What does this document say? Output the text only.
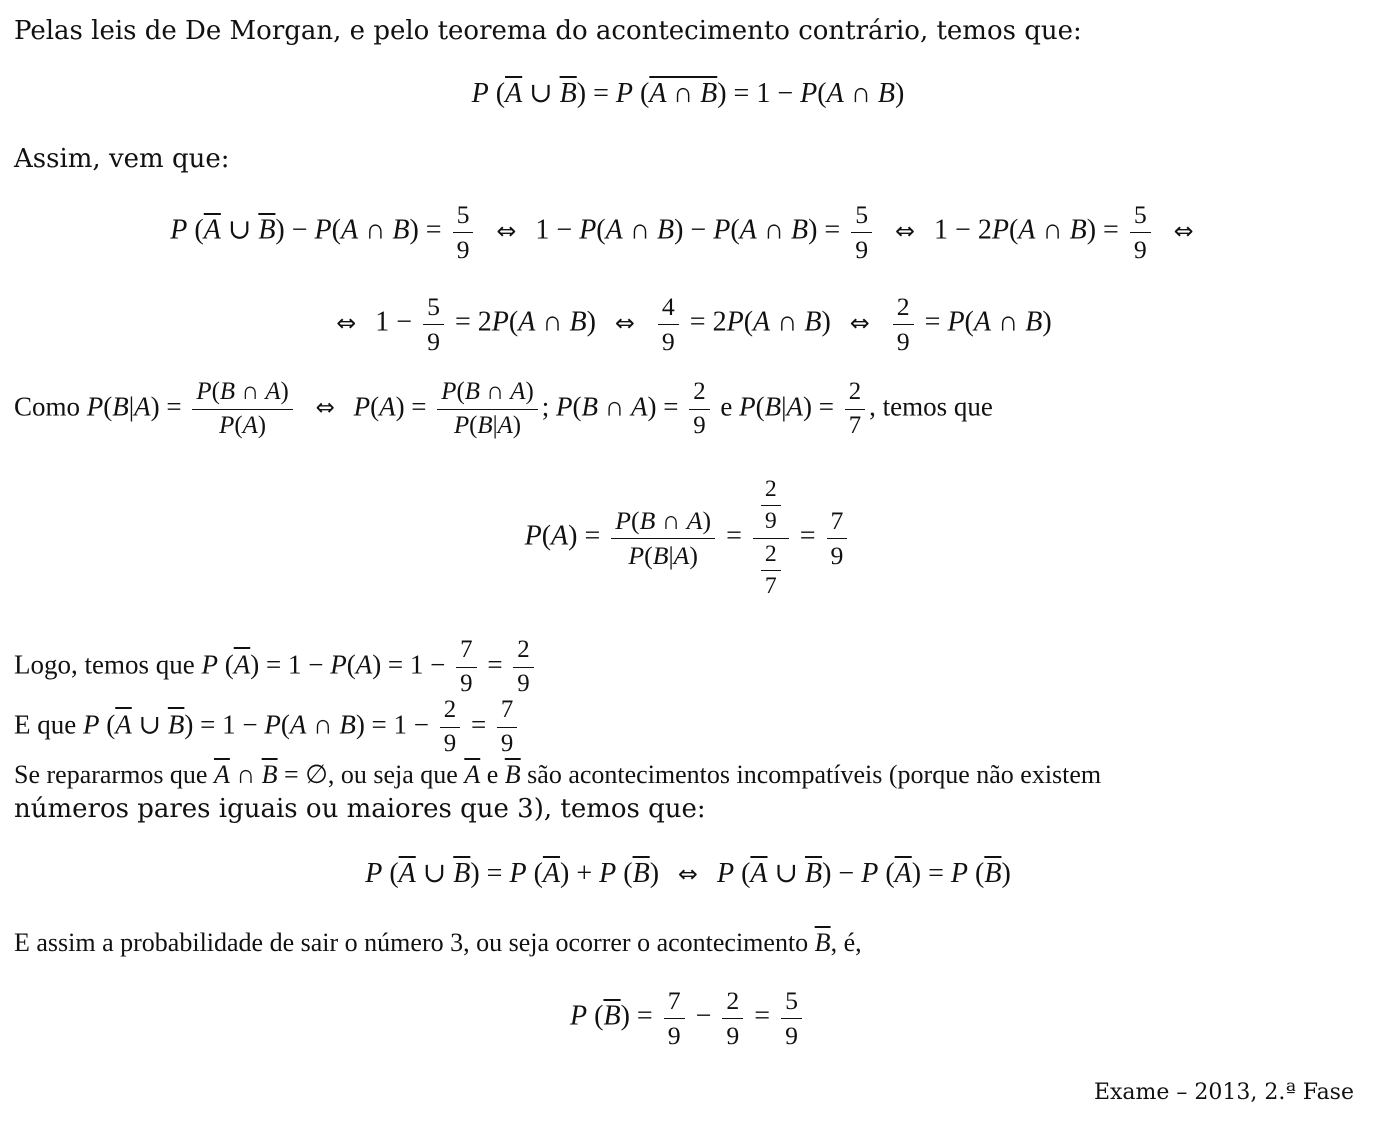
Pelas leis de De Morgan, e pelo teorema do acontecimento contrário, temos que:
P ($\overline{A}$ ∪ $\overline{B}) = P$ (A ∩ B) = 1 − P(A ∩ B)
Assim, vem que:
P ($\overline{A}$ ∪ $\overline{B}) - P(A$ ∩ $B) = \frac{5}{9}$ ⇔ 1 − P(A ∩ B) − P(A ∩ $B) = \frac{5}{9}$ ⇔ 1 − 2P(A ∩ $B) = \frac{5}{9}$ ⇔
⇔ $1 - \frac{5}{9} = 2P(A$ ∩ B) ⇔ $\frac{4}{9} = 2P(A$ ∩ B) ⇔ $\frac{2}{9} = P(A$ ∩ B)
Como $P(B|A) = \frac{P(B \cap A)}{P(A)}$ ⇔ $P(A) = \frac{P(B \cap A)}{P(B|A)}$ ; P(B ∩ $A) = \frac{2}{9}$ e $P(B|A) = \frac{2}{7}$ , temos que
$P(A) = \frac{P(B \cap A)}{P(B|A)} = \frac{\frac{2}{9}}{\frac{2}{7}} = \frac{7}{9}$
Logo, temos que P $(\overline{A}) = 1 - P(A) = 1 - \frac{7}{9} = \frac{2}{9}$
E que P ($\overline{A}$ ∪ $\overline{B}) = 1 - P(A$ ∩ $B) = 1 - \frac{2}{9} = \frac{7}{9}$
Se repararmos que $\overline{A}$ ∩ $\overline{B}$ = ∅, ou seja que $\overline{A}$ e $\overline{B}$ são acontecimentos incompatíveis (porque não existem
números pares iguais ou maiores que 3), temos que:
P ($\overline{A}$ ∪ $\overline{B}) = P$ $(\overline{A}) + P$ $(\overline{B})$ ⇔ P ($\overline{A}$ ∪ $\overline{B}) - P$ $(\overline{A}) = P$ $(\overline{B})$
E assim a probabilidade de sair o número 3, ou seja ocorrer o acontecimento $\overline{B}$, é,
P $(\overline{B}) = \frac{7}{9} - \frac{2}{9} = \frac{5}{9}$
Exame – 2013, 2.ª Fase
